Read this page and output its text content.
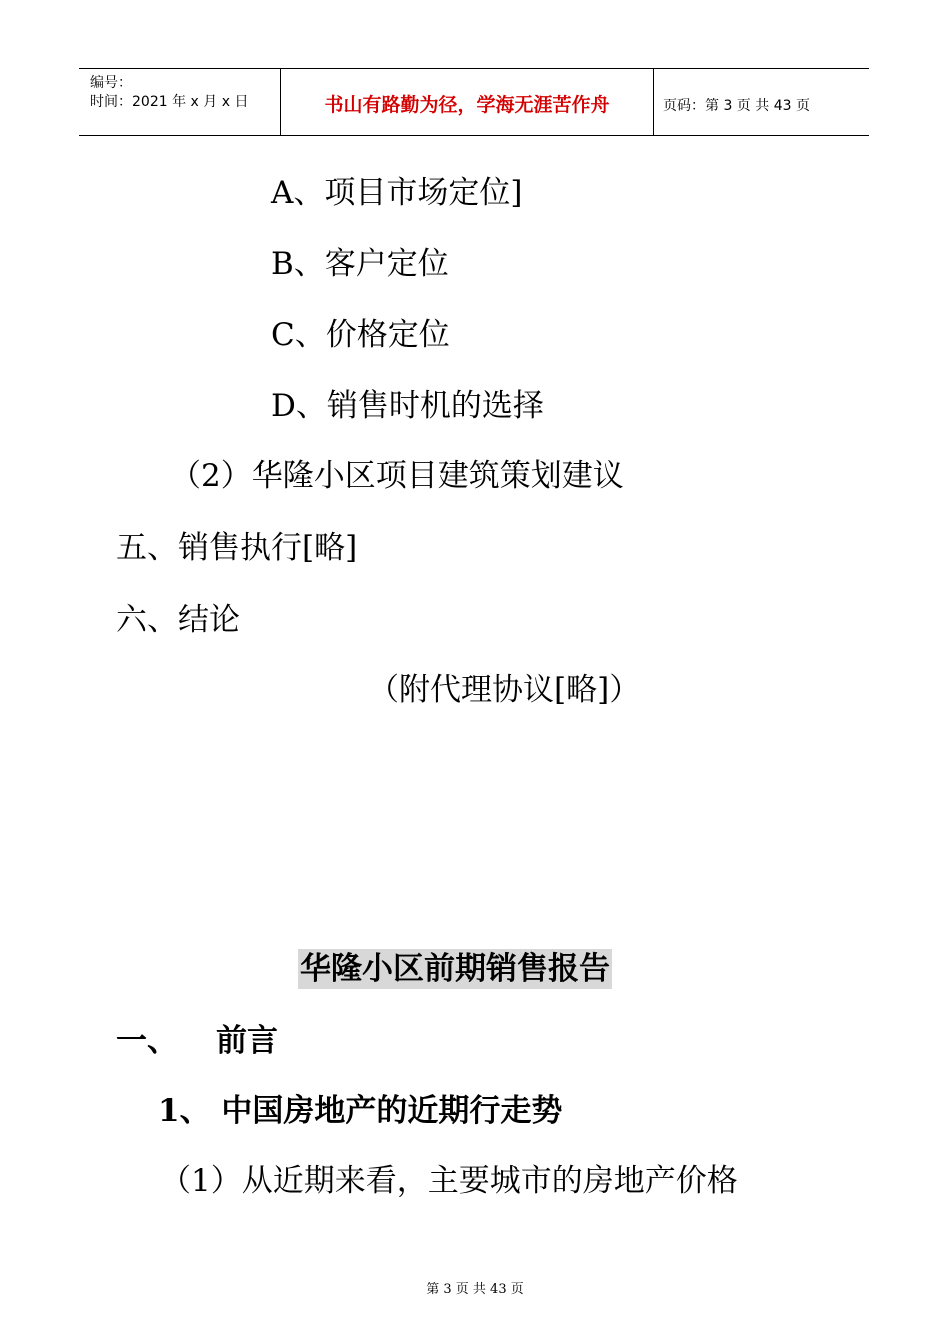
编号：
时间：2021 年 x 月 x 日	书山有路勤为径，学海无涯苦作舟	页码：第 3 页 共 43 页
A、项目市场定位]
B、客户定位
C、价格定位
D、销售时机的选择
（2）华隆小区项目建筑策划建议
五、销售执行[略]
六、结论
（附代理协议[略]）
华隆小区前期销售报告
一、 前言
1、 中国房地产的近期行走势
（1）从近期来看，主要城市的房地产价格
第 3 页 共 43 页
